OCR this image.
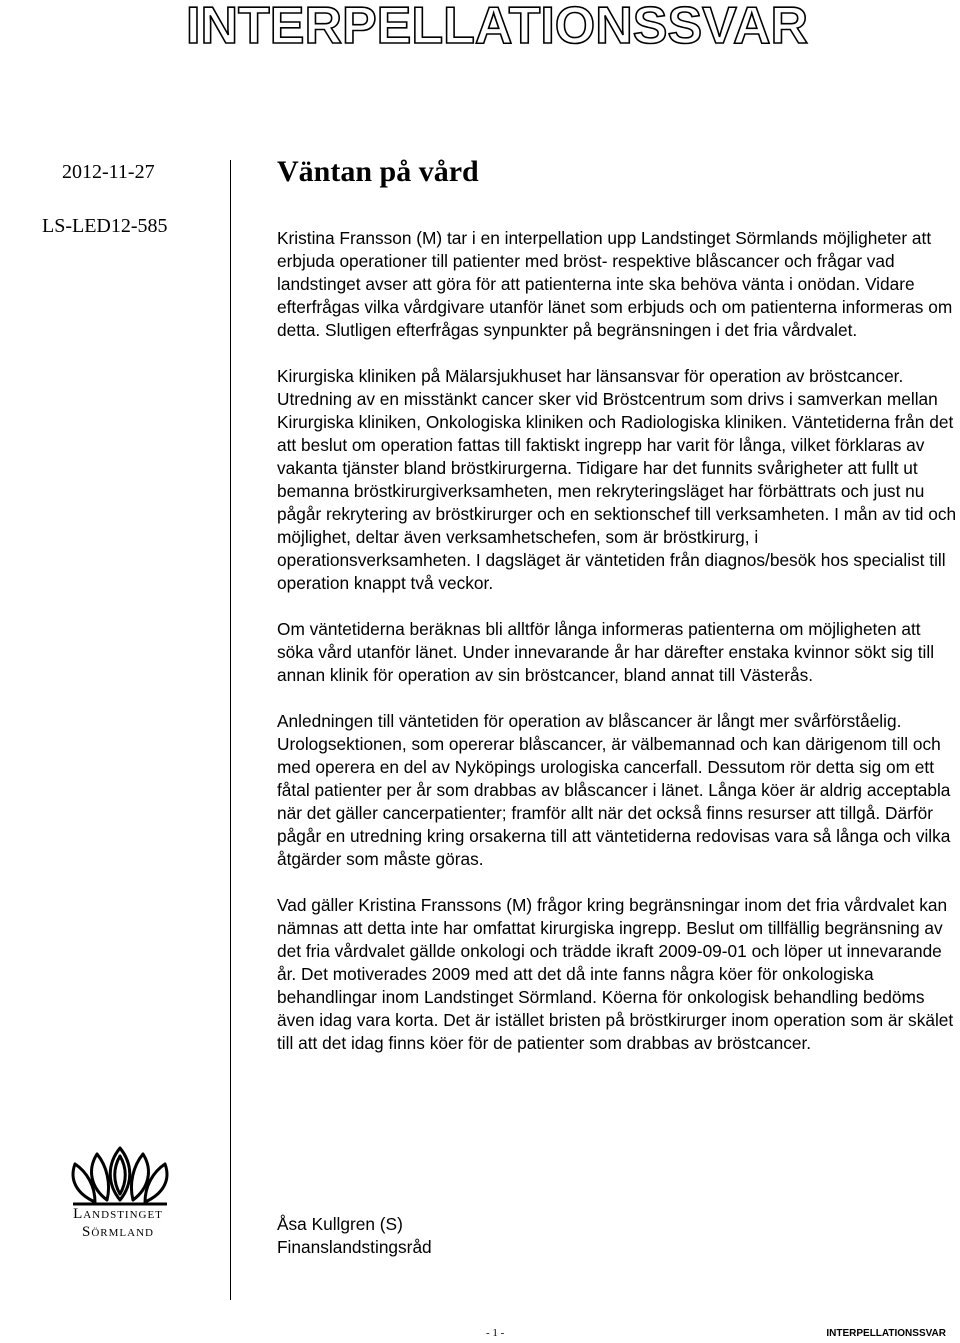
INTERPELLATIONSSVAR
2012-11-27
LS-LED12-585
Väntan på vård

Kristina Fransson (M) tar i en interpellation upp Landstinget Sörmlands möjligheter att erbjuda operationer till patienter med bröst- respektive blåscancer och frågar vad landstinget avser att göra för att patienterna inte ska behöva vänta i onödan. Vidare efterfrågas vilka vårdgivare utanför länet som erbjuds och om patienterna informeras om detta. Slutligen efterfrågas synpunkter på begränsningen i det fria vårdvalet.

Kirurgiska kliniken på Mälarsjukhuset har länsansvar för operation av bröstcancer. Utredning av en misstänkt cancer sker vid Bröstcentrum som drivs i samverkan mellan Kirurgiska kliniken, Onkologiska kliniken och Radiologiska kliniken. Väntetiderna från det att beslut om operation fattas till faktiskt ingrepp har varit för långa, vilket förklaras av vakanta tjänster bland bröstkirurgerna. Tidigare har det funnits svårigheter att fullt ut bemanna bröstkirurgiverksamheten, men rekryteringsläget har förbättrats och just nu pågår rekrytering av bröstkirurger och en sektionschef till verksamheten. I mån av tid och möjlighet, deltar även verksamhetschefen, som är bröstkirurg, i operationsverksamheten. I dagsläget är väntetiden från diagnos/besök hos specialist till operation knappt två veckor.

Om väntetiderna beräknas bli alltför långa informeras patienterna om möjligheten att söka vård utanför länet. Under innevarande år har därefter enstaka kvinnor sökt sig till annan klinik för operation av sin bröstcancer, bland annat till Västerås.

Anledningen till väntetiden för operation av blåscancer är långt mer svårförståelig. Urologsektionen, som opererar blåscancer, är välbemannad och kan därigenom till och med operera en del av Nyköpings urologiska cancerfall. Dessutom rör detta sig om ett fåtal patienter per år som drabbas av blåscancer i länet. Långa köer är aldrig acceptabla när det gäller cancerpatienter; framför allt när det också finns resurser att tillgå. Därför pågår en utredning kring orsakerna till att väntetiderna redovisas vara så långa och vilka åtgärder som måste göras.

Vad gäller Kristina Franssons (M) frågor kring begränsningar inom det fria vårdvalet kan nämnas att detta inte har omfattat kirurgiska ingrepp. Beslut om tillfällig begränsning av det fria vårdvalet gällde onkologi och trädde ikraft 2009-09-01 och löper ut innevarande år. Det motiverades 2009 med att det då inte fanns några köer för onkologiska behandlingar inom Landstinget Sörmland. Köerna för onkologisk behandling bedöms även idag vara korta. Det är istället bristen på bröstkirurger inom operation som är skälet till att det idag finns köer för de patienter som drabbas av bröstcancer.

Åsa Kullgren (S)
Finanslandstingsråd
Landstinget
Sörmland
- 1 -	INTERPELLATIONSSVAR
